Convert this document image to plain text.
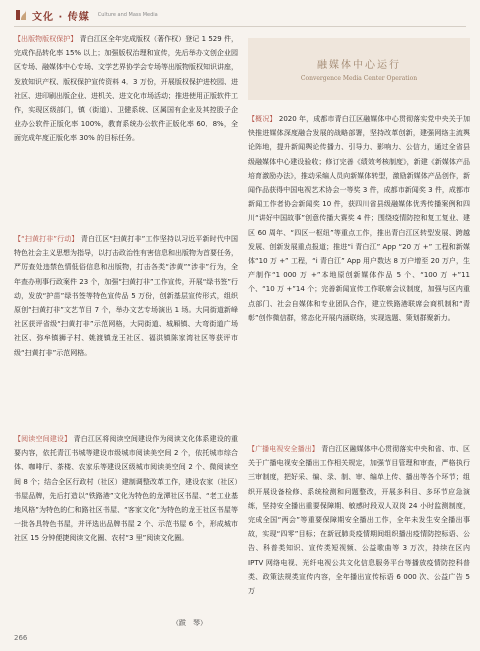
文化 · 传媒 Culture and Mass Media

【出版物版权保护】 青白江区全年完成版权（著作权）登记 1 529 件，完成作品转化率 15% 以上；加强版权治理和宣传，先后举办文创企业园区专场、融媒体中心专场、文学艺界协学会专场等出版物版权知识讲座，发放知识产权、版权保护宣传资料 4．3 万份，开展版权保护进校园、进社区、进印刷出版企业、进机关、进文化市场活动；推进使用正版软件工作，实现区级部门，镇（街道）、卫健系统、区属国有企业及其控股子企业办公软件正版化率 100%，教育系统办公软件正版化率 60．8%，全面完成年度正版化率 30% 的目标任务。

【“扫黄打非”行动】 青白江区“扫黄打非”工作坚持以习近平新时代中国特色社会主义思想为指导，以打击政治性有害信息和出版物为首要任务，严厉查处违禁色情低俗信息和出版物，打击各类“涉黄”“涉非”行为，全年查办刑事行政案件 23 个，加强“扫黄打非”工作宣传，开展“绿书签”行动，发放“护苗”绿书签等特色宣传品 5 万份，创新基层宣传形式，组织原创“扫黄打非”文艺节目 7 个，举办文艺专场演出 1 场。大同街道新峰社区获评省级“扫黄打非”示范网格，大同街道、城厢镇、大弯街道广场社区、弥牟镇狮子村、姚渡镇龙王社区、福洪镇陈家湾社区等获评市级“扫黄打非”示范网格。

【阅读空间建设】 青白江区将阅读空间建设作为阅读文化体系建设的重要内容，依托青江书城等建设市级城市阅读美空间 2 个，依托城市综合体、咖啡厅、茶楼、农家乐等建设区级城市阅读美空间 2 个、微阅读空间 8 个；结合全区行政村（社区）建制调整改革工作，建设农家（社区）书屋品牌，先后打造以“铁路港”文化为特色的龙潭社区书屋、“老工业基地风格”为特色的仁和路社区书屋、“客家文化”为特色的龙王社区书屋等一批各具特色书屋，并评选出品牌书屋 2 个、示范书屋 6 个，形成城市社区 15 分钟便捷阅读文化圈、农村“3 里”阅读文化圈。

（跋　琴）
融媒体中心运行
Convergence Media Center Operation

【概况】 2020 年，成都市青白江区融媒体中心贯彻落实党中央关于加快推进媒体深度融合发展的战略部署，坚持改革创新，建强网络主流舆论阵地，提升新闻舆论传播力、引导力、影响力、公信力，通过全省县级融媒体中心建设验收；修订完善《绩效考核制度》，新建《新媒体产品培育激励办法》，推动采编人员向新媒体转型，激励新媒体产品创作，新闻作品获得中国电视艺术协会一等奖 3 件，成都市新闻奖 3 件，成都市新闻工作者协会新闻奖 10 件，获四川省县级融媒体优秀传播案例和四川“讲好中国故事”创意传播大赛奖 4 件；围绕疫情防控和复工复业、建区 60 周年、“四区一枢纽”等重点工作，推出青白江区转型发展、跨越发展、创新发展重点报道；推进“i 青白江” App “20 万 +” 工程和新媒体“10 万 +” 工程，“i 青白江” App 用户数达 8 万户增至 20 万户，生产制作“1 000 万 +”本地原创新媒体作品 5 个、“100 万 +”11 个、“10 万 +”14 个；完善新闻宣传工作联席会议制度，加强与区内重点部门、社会自媒体和专业团队合作，建立铁路港联席会商机制和“青彰”创作微信群，常态化开展内涵联络，实现选题、策划群聚新力。

【广播电视安全播出】 青白江区融媒体中心贯彻落实中央和省、市、区关于广播电视安全播出工作相关规定，加强节目管理和审查，严格执行三审制度，把好采、编、录、制、审、编单上传、播出等各个环节；组织开展设备检修、系统检测和问题整改，开展多科目、多环节应急演练，坚持安全播出重要保障期、敏感时段双人双岗 24 小时监测制度，完成全国“两会”等重要保障期安全播出工作，全年未发生安全播出事故，实现“四零”目标；在新冠肺炎疫情期间组织播出疫情防控标语、公告、科普类知识、宣传类短视频、公益歌曲等 3 万次，持续在区内 IPTV 网络电视、光纤电视公共文化信息服务平台等播放疫情防控科普类、政策法规类宣传内容，全年播出宣传标语 6 000 次、公益广告 5 万

266
